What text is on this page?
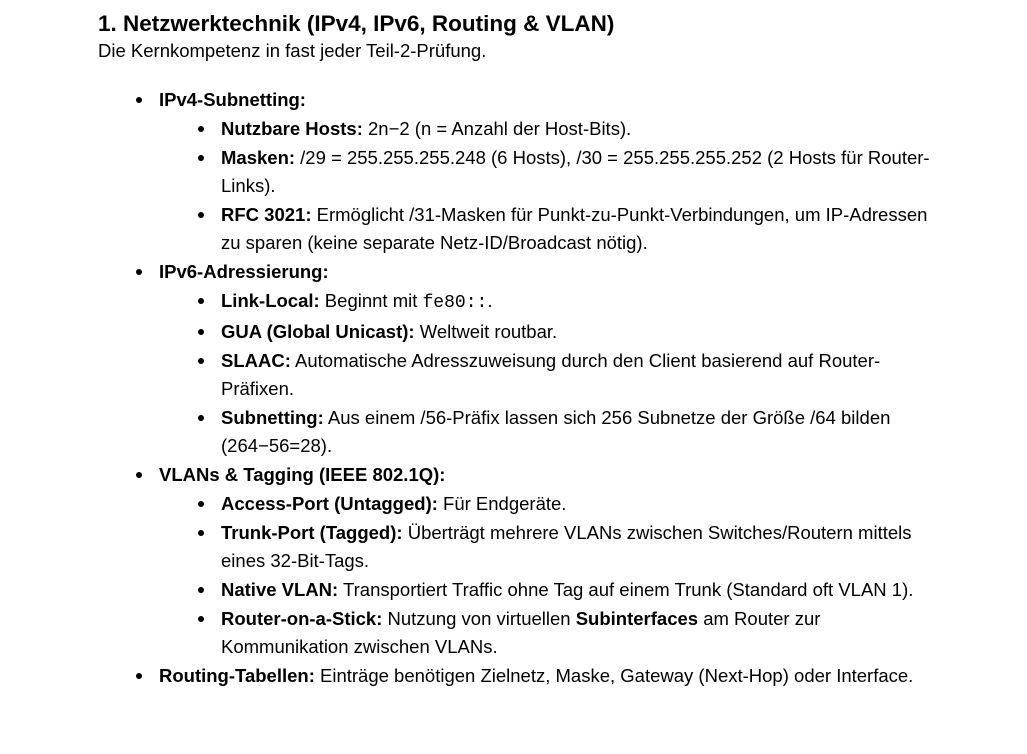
1. Netzwerktechnik (IPv4, IPv6, Routing & VLAN)

Die Kernkompetenz in fast jeder Teil-2-Prüfung.

IPv4-Subnetting:
Nutzbare Hosts: 2n−2 (n = Anzahl der Host-Bits).
Masken: /29 = 255.255.255.248 (6 Hosts), /30 = 255.255.255.252 (2 Hosts für Router-Links).
RFC 3021: Ermöglicht /31-Masken für Punkt-zu-Punkt-Verbindungen, um IP-Adressen zu sparen (keine separate Netz-ID/Broadcast nötig).
IPv6-Adressierung:
Link-Local: Beginnt mit fe80::.
GUA (Global Unicast): Weltweit routbar.
SLAAC: Automatische Adresszuweisung durch den Client basierend auf Router-Präfixen.
Subnetting: Aus einem /56-Präfix lassen sich 256 Subnetze der Größe /64 bilden (264−56=28).
VLANs & Tagging (IEEE 802.1Q):
Access-Port (Untagged): Für Endgeräte.
Trunk-Port (Tagged): Überträgt mehrere VLANs zwischen Switches/Routern mittels eines 32-Bit-Tags.
Native VLAN: Transportiert Traffic ohne Tag auf einem Trunk (Standard oft VLAN 1).
Router-on-a-Stick: Nutzung von virtuellen Subinterfaces am Router zur Kommunikation zwischen VLANs.
Routing-Tabellen: Einträge benötigen Zielnetz, Maske, Gateway (Next-Hop) oder Interface.
